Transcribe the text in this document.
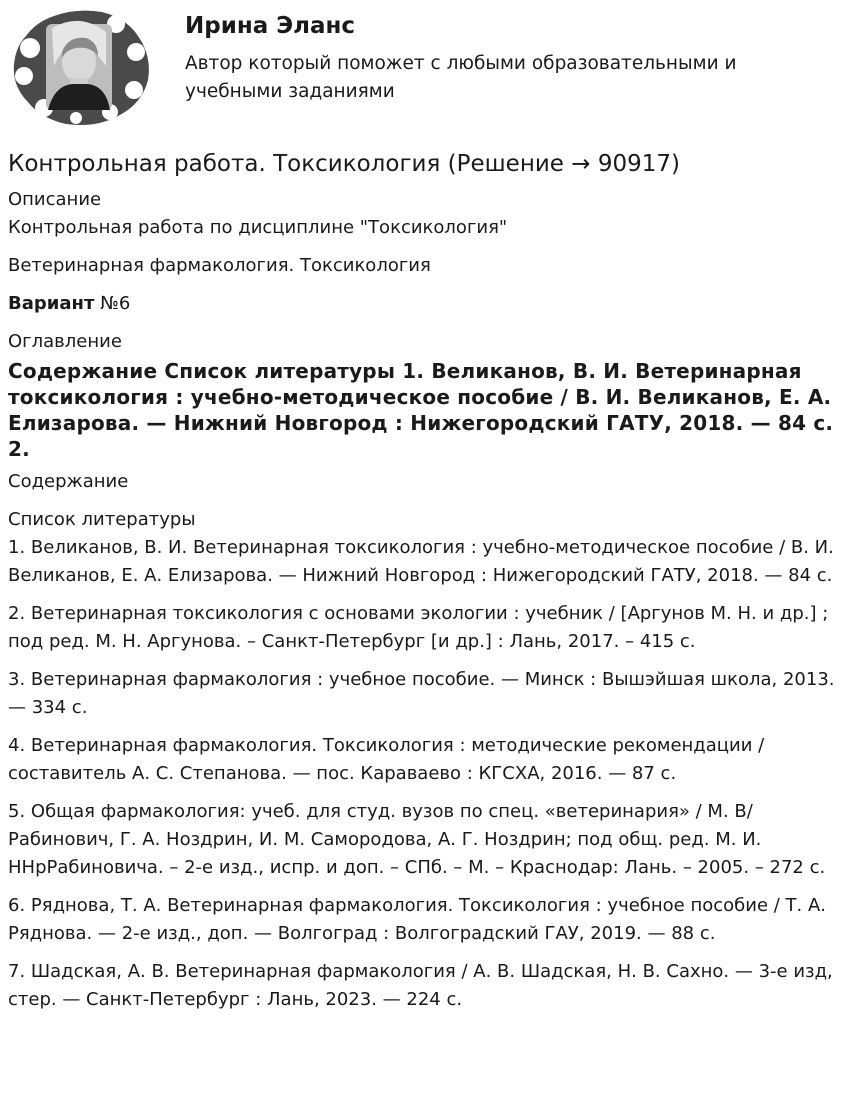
Ирина Эланс

Автор который поможет с любыми образовательными и учебными заданиями

Контрольная работа. Токсикология (Решение → 90917)

Описание

Контрольная работа по дисциплине "Токсикология"

Ветеринарная фармакология. Токсикология

Вариант №6

Оглавление

Содержание Список литературы 1. Великанов, В. И. Ветеринарная токсикология : учебно-методическое пособие / В. И. Великанов, Е. А. Елизарова. — Нижний Новгород : Нижегородский ГАТУ, 2018. — 84 с. 2.

Содержание

Список литературы

1. Великанов, В. И. Ветеринарная токсикология : учебно-методическое пособие / В. И. Великанов, Е. А. Елизарова. — Нижний Новгород : Нижегородский ГАТУ, 2018. — 84 с.

2. Ветеринарная токсикология с основами экологии : учебник / [Аргунов М. Н. и др.] ; под ред. М. Н. Аргунова. – Санкт-Петербург [и др.] : Лань, 2017. – 415 с.

3. Ветеринарная фармакология : учебное пособие. — Минск : Вышэйшая школа, 2013. — 334 с.

4. Ветеринарная фармакология. Токсикология : методические рекомендации / составитель А. С. Степанова. — пос. Караваево : КГСХА, 2016. — 87 с.

5. Общая фармакология: учеб. для студ. вузов по спец. «ветеринария» / М. В/ Рабинович, Г. А. Ноздрин, И. М. Самородова, А. Г. Ноздрин; под общ. ред. М. И. ННрРабиновича. – 2-е изд., испр. и доп. – СПб. – М. – Краснодар: Лань. – 2005. – 272 с.

6. Ряднова, Т. А. Ветеринарная фармакология. Токсикология : учебное пособие / Т. А. Ряднова. — 2-е изд., доп. — Волгоград : Волгоградский ГАУ, 2019. — 88 с.

7. Шадская, А. В. Ветеринарная фармакология / А. В. Шадская, Н. В. Сахно. — 3-е изд, стер. — Санкт-Петербург : Лань, 2023. — 224 с.
